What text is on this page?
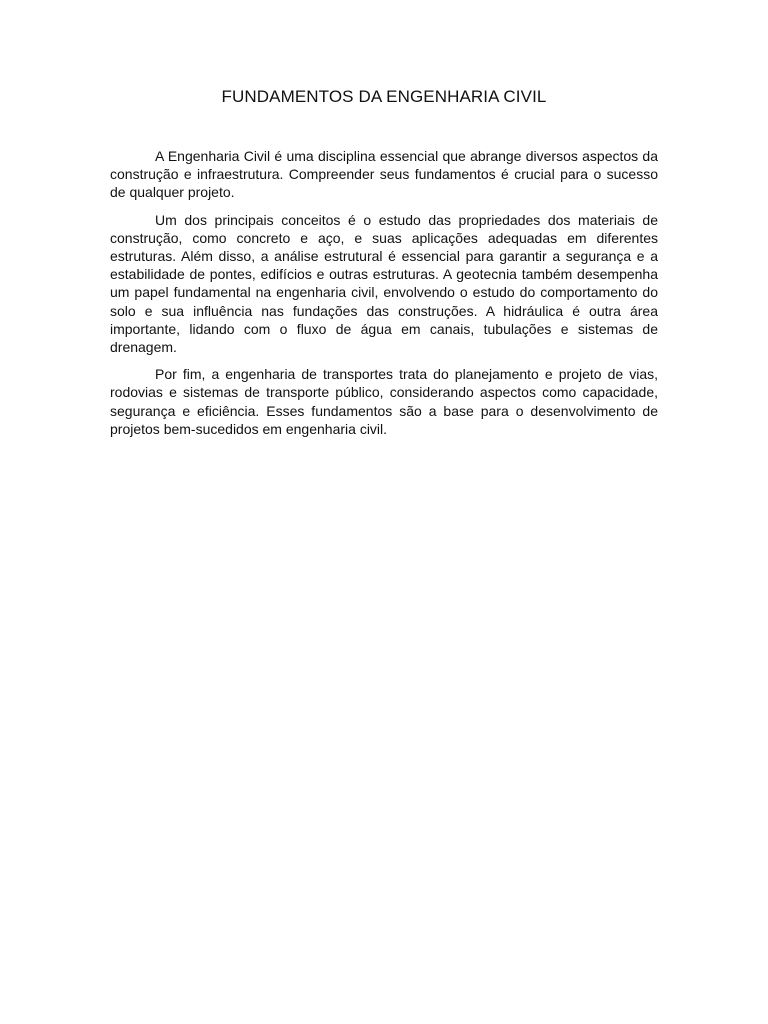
FUNDAMENTOS DA ENGENHARIA CIVIL

A Engenharia Civil é uma disciplina essencial que abrange diversos aspectos da construção e infraestrutura. Compreender seus fundamentos é crucial para o sucesso de qualquer projeto.

Um dos principais conceitos é o estudo das propriedades dos materiais de construção, como concreto e aço, e suas aplicações adequadas em diferentes estruturas. Além disso, a análise estrutural é essencial para garantir a segurança e a estabilidade de pontes, edifícios e outras estruturas. A geotecnia também desempenha um papel fundamental na engenharia civil, envolvendo o estudo do comportamento do solo e sua influência nas fundações das construções. A hidráulica é outra área importante, lidando com o fluxo de água em canais, tubulações e sistemas de drenagem.

Por fim, a engenharia de transportes trata do planejamento e projeto de vias, rodovias e sistemas de transporte público, considerando aspectos como capacidade, segurança e eficiência. Esses fundamentos são a base para o desenvolvimento de projetos bem-sucedidos em engenharia civil.
